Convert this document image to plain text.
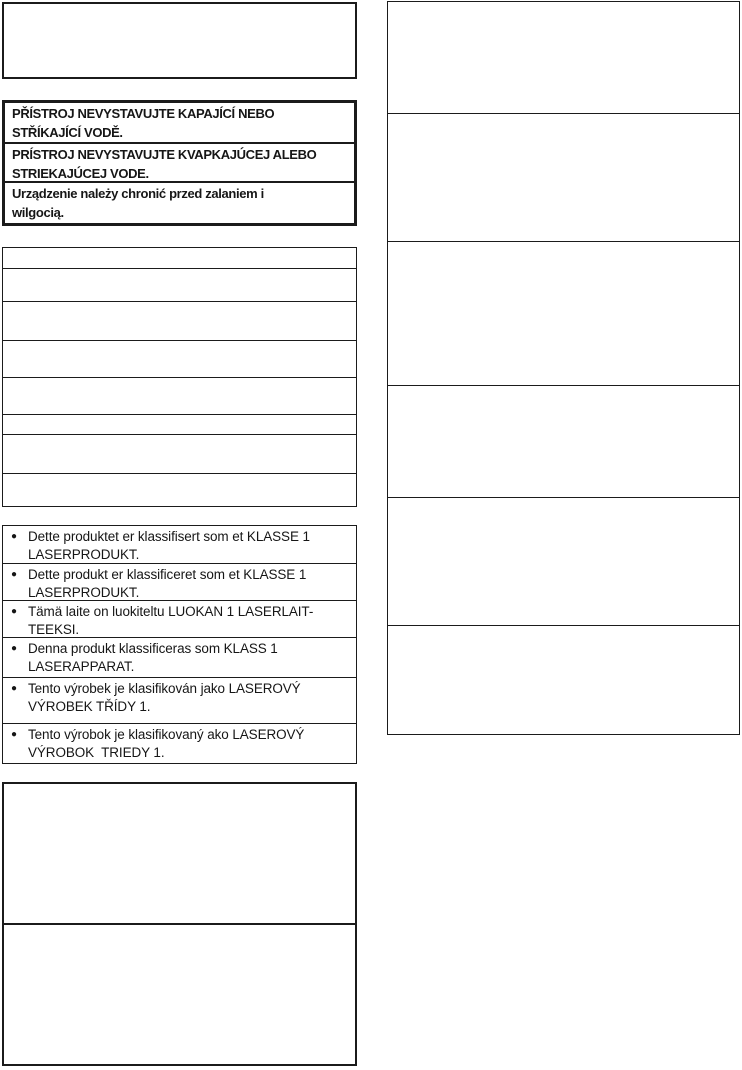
PŘÍSTROJ NEVYSTAVUJTE KAPAJÍCÍ NEBO
STŘÍKAJÍCÍ VODĚ.
PRÍSTROJ NEVYSTAVUJTE KVAPKAJÚCEJ ALEBO
STRIEKAJÚCEJ VODE.
Urządzenie należy chronić przed zalaniem i
wilgocią.
● Dette produktet er klassifisert som et KLASSE 1
LASERPRODUKT.
● Dette produkt er klassificeret som et KLASSE 1
LASERPRODUKT.
● Tämä laite on luokiteltu LUOKAN 1 LASERLAIT-
TEEKSI.
● Denna produkt klassificeras som KLASS 1
LASERAPPARAT.
● Tento výrobek je klasifikován jako LASEROVÝ
VÝROBEK TŘÍDY 1.
● Tento výrobok je klasifikovaný ako LASEROVÝ
VÝROBOK  TRIEDY 1.
